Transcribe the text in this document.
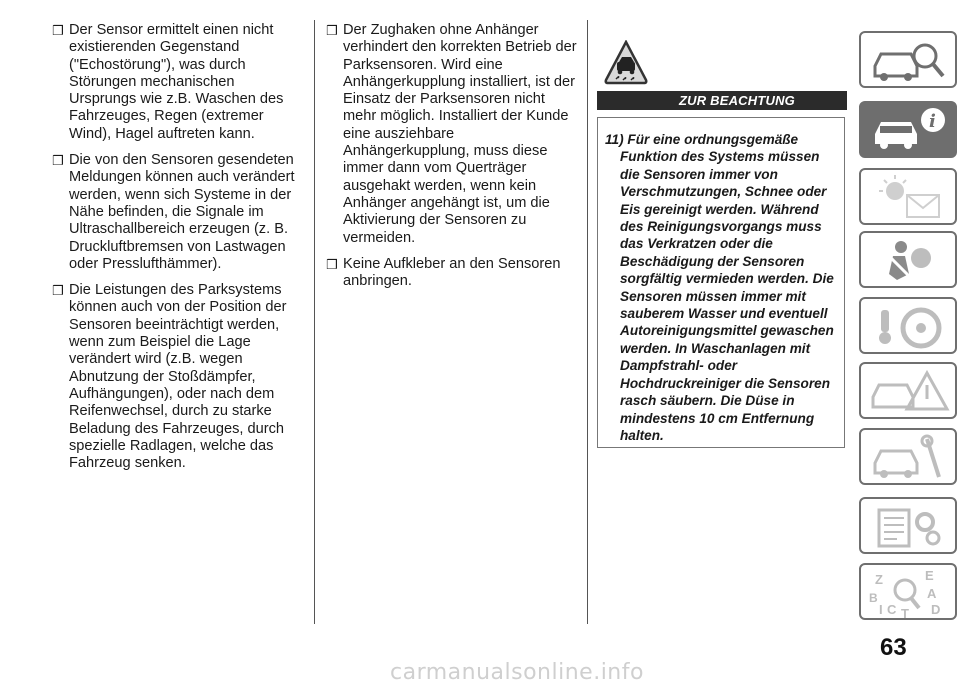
❒ Der Sensor ermittelt einen nicht existierenden Gegenstand ("Echostörung"), was durch Störungen mechanischen Ursprungs wie z.B. Waschen des Fahrzeuges, Regen (extremer Wind), Hagel auftreten kann.
❒ Die von den Sensoren gesendeten Meldungen können auch verändert werden, wenn sich Systeme in der Nähe befinden, die Signale im Ultraschallbereich erzeugen (z. B. Druckluftbremsen von Lastwagen oder Presslufthämmer).
❒ Die Leistungen des Parksystems können auch von der Position der Sensoren beeinträchtigt werden, wenn zum Beispiel die Lage verändert wird (z.B. wegen Abnutzung der Stoßdämpfer, Aufhängungen), oder nach dem Reifenwechsel, durch zu starke Beladung des Fahrzeuges, durch spezielle Radlagen, welche das Fahrzeug senken.
❒ Der Zughaken ohne Anhänger verhindert den korrekten Betrieb der Parksensoren. Wird eine Anhängerkupplung installiert, ist der Einsatz der Parksensoren nicht mehr möglich. Installiert der Kunde eine ausziehbare Anhängerkupplung, muss diese immer dann vom Querträger ausgehakt werden, wenn kein Anhänger angehängt ist, um die Aktivierung der Sensoren zu vermeiden.
❒ Keine Aufkleber an den Sensoren anbringen.
ZUR BEACHTUNG
11) Für eine ordnungsgemäße Funktion des Systems müssen die Sensoren immer von Verschmutzungen, Schnee oder Eis gereinigt werden. Während des Reinigungsvorgangs muss das Verkratzen oder die Beschädigung der Sensoren sorgfältig vermieden werden. Die Sensoren müssen immer mit sauberem Wasser und eventuell Autoreinigungsmittel gewaschen werden. In Waschanlagen mit Dampfstrahl- oder Hochdruckreiniger die Sensoren rasch säubern. Die Düse in mindestens 10 cm Entfernung halten.
i
Z	E
B	A
I C T D
63
carmanualsonline.info
